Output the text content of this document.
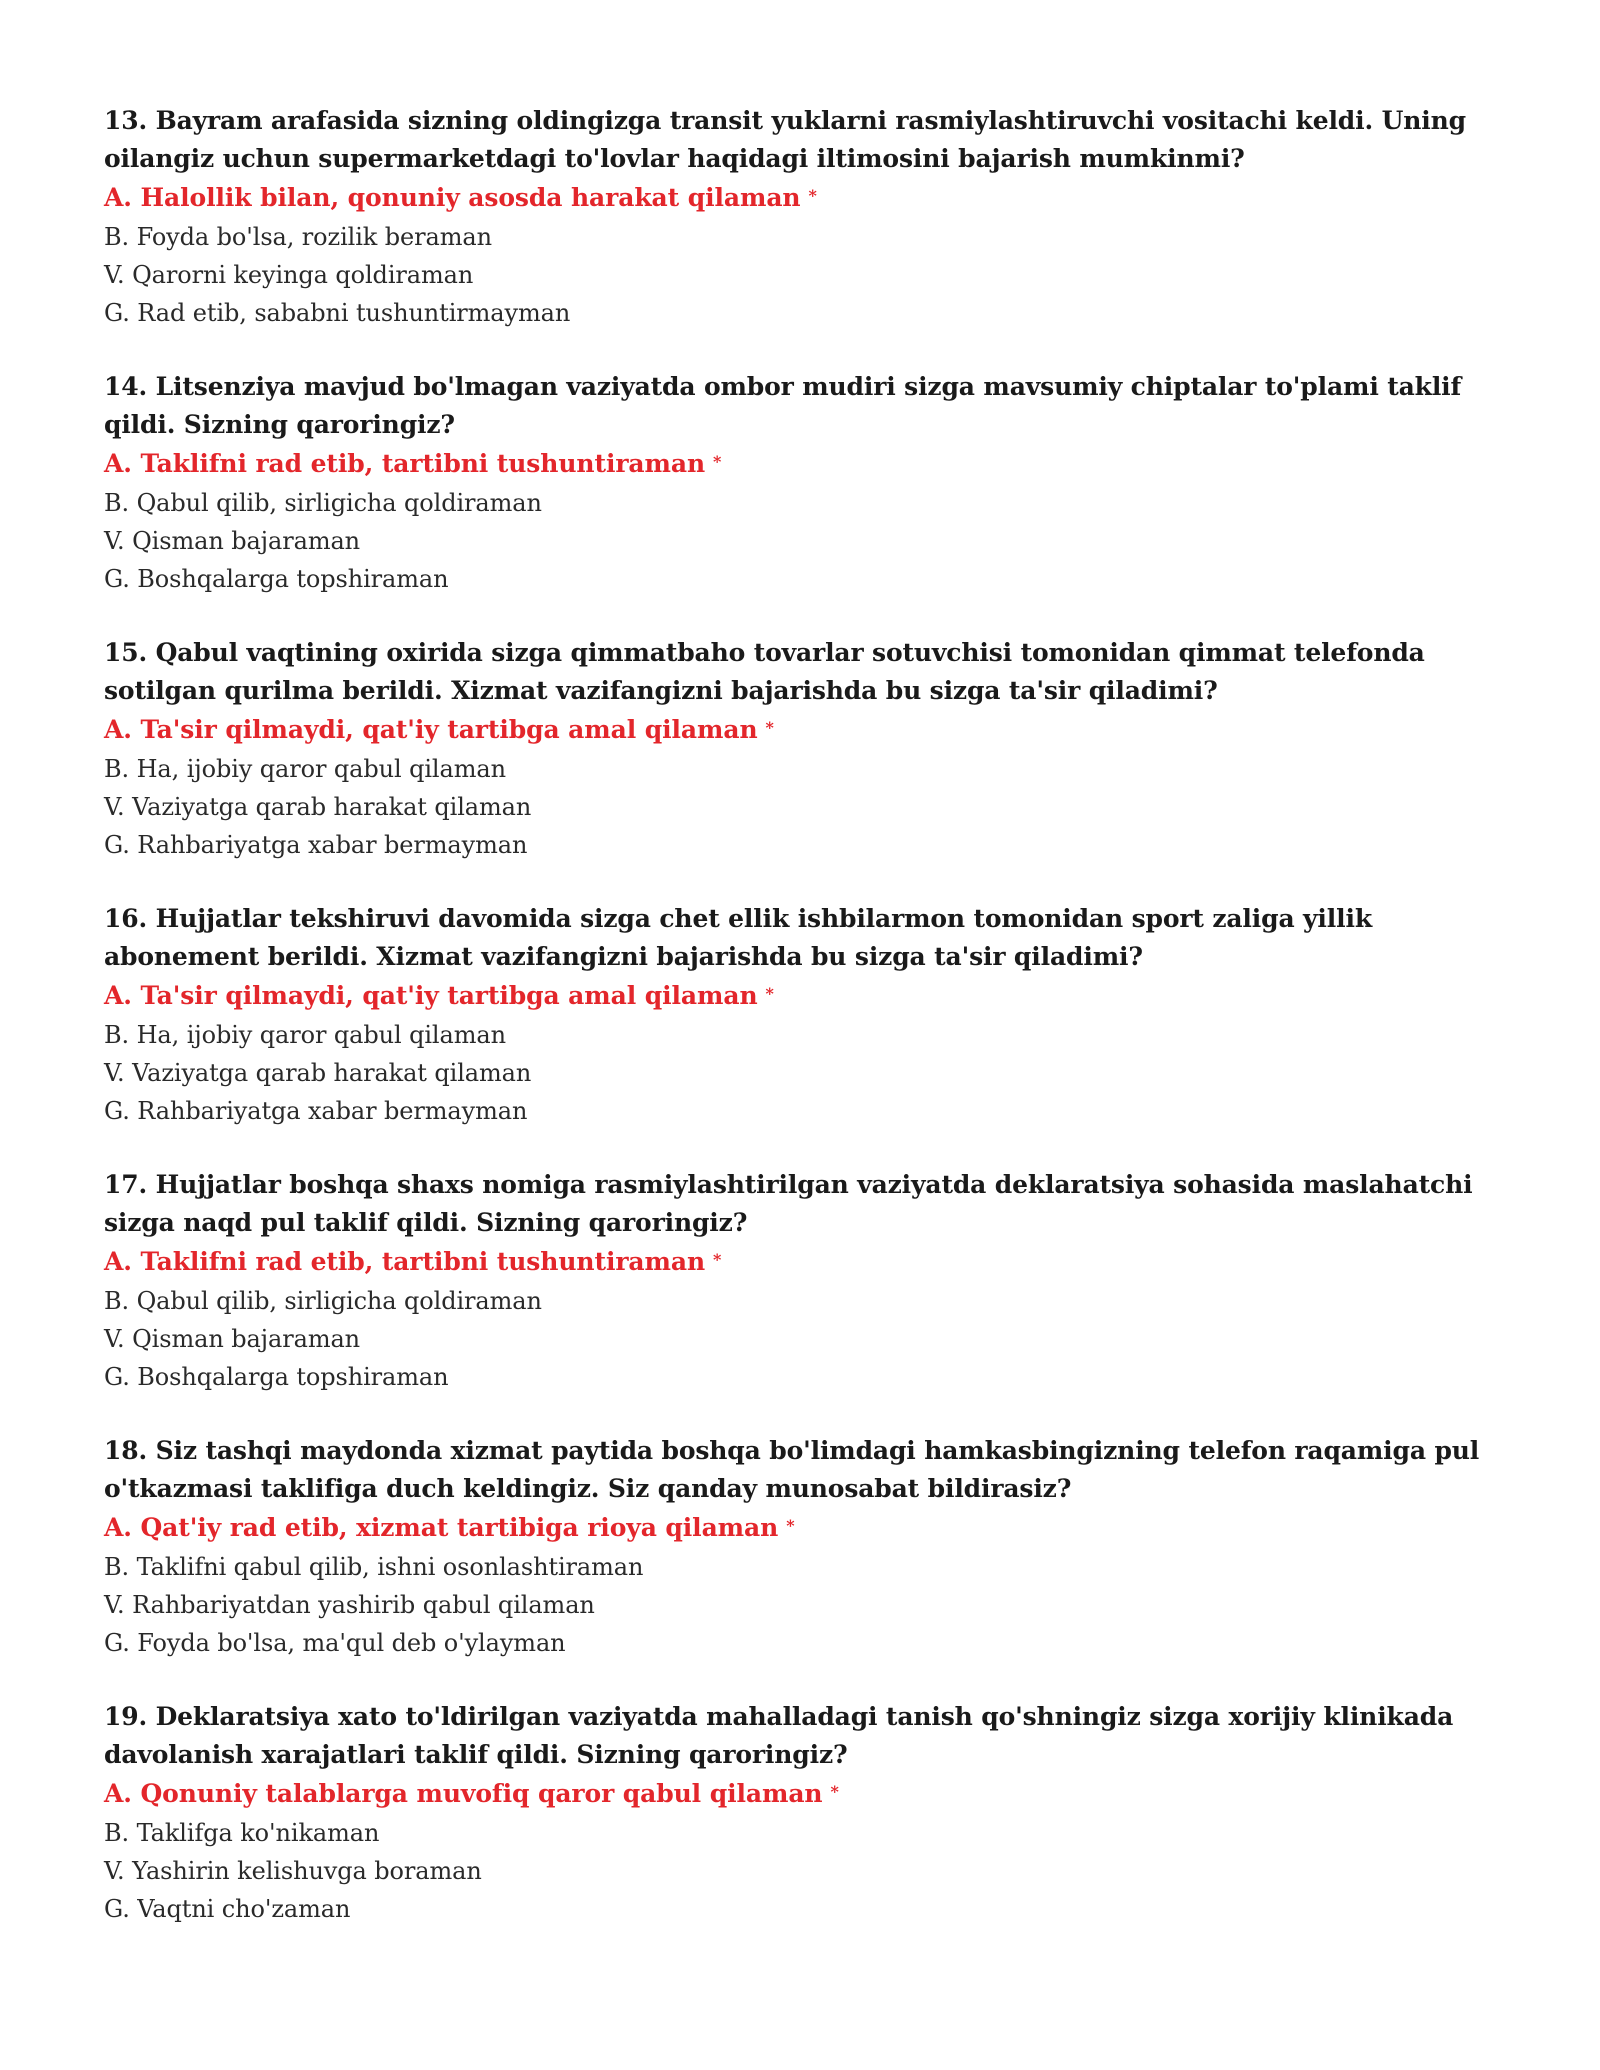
13. Bayram arafasida sizning oldingizga transit yuklarni rasmiylashtiruvchi vositachi keldi. Uning oilangiz uchun supermarketdagi to'lovlar haqidagi iltimosini bajarish mumkinmi?

A. Halollik bilan, qonuniy asosda harakat qilaman *

B. Foyda bo'lsa, rozilik beraman

V. Qarorni keyinga qoldiraman

G. Rad etib, sababni tushuntirmayman

14. Litsenziya mavjud bo'lmagan vaziyatda ombor mudiri sizga mavsumiy chiptalar to'plami taklif qildi. Sizning qaroringiz?

A. Taklifni rad etib, tartibni tushuntiraman *

B. Qabul qilib, sirligicha qoldiraman

V. Qisman bajaraman

G. Boshqalarga topshiraman

15. Qabul vaqtining oxirida sizga qimmatbaho tovarlar sotuvchisi tomonidan qimmat telefonda sotilgan qurilma berildi. Xizmat vazifangizni bajarishda bu sizga ta'sir qiladimi?

A. Ta'sir qilmaydi, qat'iy tartibga amal qilaman *

B. Ha, ijobiy qaror qabul qilaman

V. Vaziyatga qarab harakat qilaman

G. Rahbariyatga xabar bermayman

16. Hujjatlar tekshiruvi davomida sizga chet ellik ishbilarmon tomonidan sport zaliga yillik abonement berildi. Xizmat vazifangizni bajarishda bu sizga ta'sir qiladimi?

A. Ta'sir qilmaydi, qat'iy tartibga amal qilaman *

B. Ha, ijobiy qaror qabul qilaman

V. Vaziyatga qarab harakat qilaman

G. Rahbariyatga xabar bermayman

17. Hujjatlar boshqa shaxs nomiga rasmiylashtirilgan vaziyatda deklaratsiya sohasida maslahatchi sizga naqd pul taklif qildi. Sizning qaroringiz?

A. Taklifni rad etib, tartibni tushuntiraman *

B. Qabul qilib, sirligicha qoldiraman

V. Qisman bajaraman

G. Boshqalarga topshiraman

18. Siz tashqi maydonda xizmat paytida boshqa bo'limdagi hamkasbingizning telefon raqamiga pul o'tkazmasi taklifiga duch keldingiz. Siz qanday munosabat bildirasiz?

A. Qat'iy rad etib, xizmat tartibiga rioya qilaman *

B. Taklifni qabul qilib, ishni osonlashtiraman

V. Rahbariyatdan yashirib qabul qilaman

G. Foyda bo'lsa, ma'qul deb o'ylayman

19. Deklaratsiya xato to'ldirilgan vaziyatda mahalladagi tanish qo'shningiz sizga xorijiy klinikada davolanish xarajatlari taklif qildi. Sizning qaroringiz?

A. Qonuniy talablarga muvofiq qaror qabul qilaman *

B. Taklifga ko'nikaman

V. Yashirin kelishuvga boraman

G. Vaqtni cho'zaman
